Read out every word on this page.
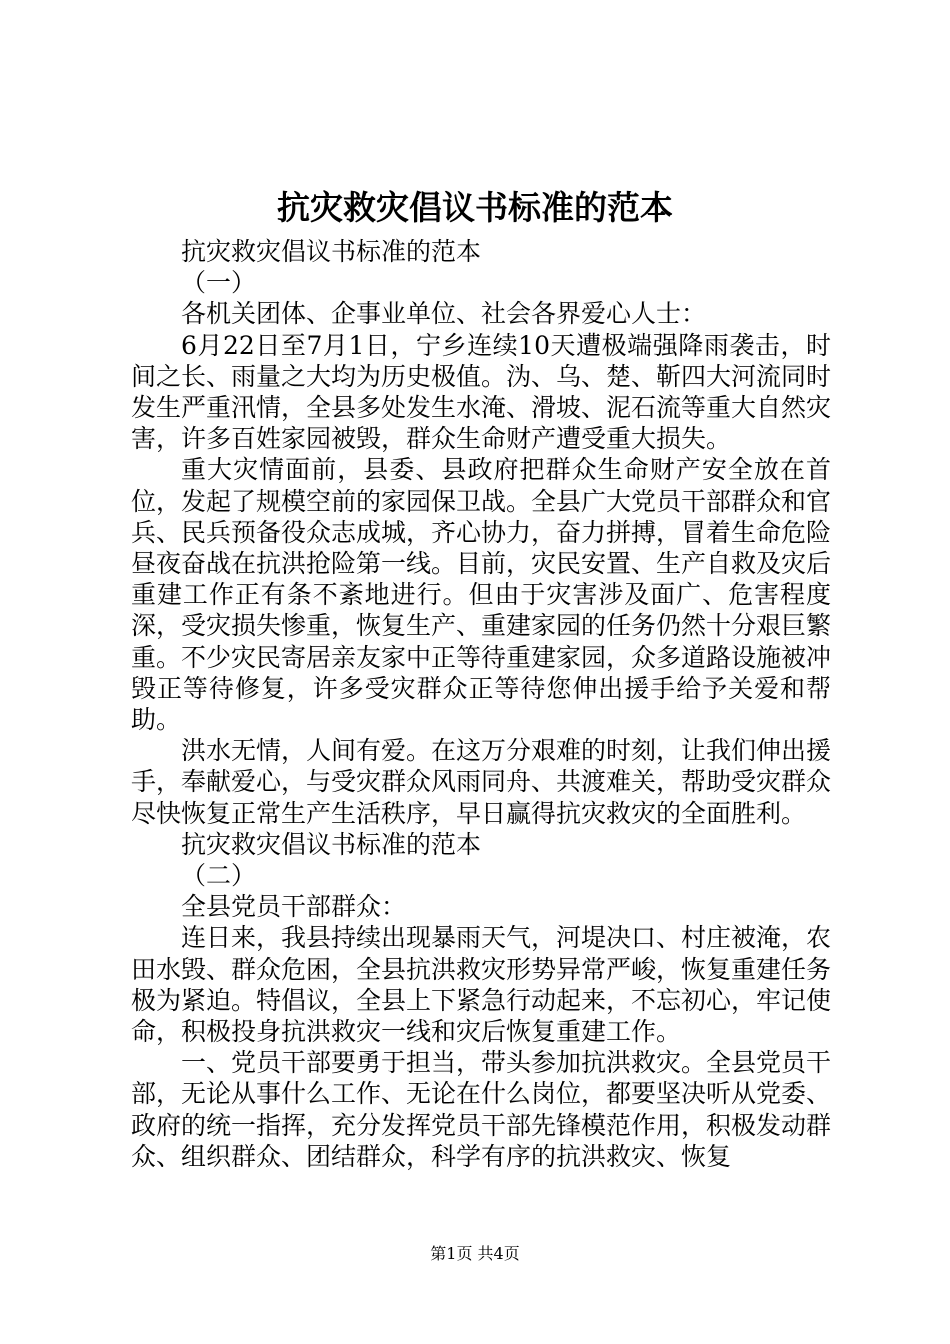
抗灾救灾倡议书标准的范本

抗灾救灾倡议书标准的范本

（一）

各机关团体、企事业单位、社会各界爱心人士：

6月22日至7月1日，宁乡连续10天遭极端强降雨袭击，时间之长、雨量之大均为历史极值。沩、乌、楚、靳四大河流同时发生严重汛情，全县多处发生水淹、滑坡、泥石流等重大自然灾害，许多百姓家园被毁，群众生命财产遭受重大损失。

重大灾情面前，县委、县政府把群众生命财产安全放在首位，发起了规模空前的家园保卫战。全县广大党员干部群众和官兵、民兵预备役众志成城，齐心协力，奋力拼搏，冒着生命危险昼夜奋战在抗洪抢险第一线。目前，灾民安置、生产自救及灾后重建工作正有条不紊地进行。但由于灾害涉及面广、危害程度深，受灾损失惨重，恢复生产、重建家园的任务仍然十分艰巨繁重。不少灾民寄居亲友家中正等待重建家园，众多道路设施被冲毁正等待修复，许多受灾群众正等待您伸出援手给予关爱和帮助。

洪水无情，人间有爱。在这万分艰难的时刻，让我们伸出援手，奉献爱心，与受灾群众风雨同舟、共渡难关，帮助受灾群众尽快恢复正常生产生活秩序，早日赢得抗灾救灾的全面胜利。

抗灾救灾倡议书标准的范本

（二）

全县党员干部群众：

连日来，我县持续出现暴雨天气，河堤决口、村庄被淹，农田水毁、群众危困，全县抗洪救灾形势异常严峻，恢复重建任务极为紧迫。特倡议，全县上下紧急行动起来，不忘初心，牢记使命，积极投身抗洪救灾一线和灾后恢复重建工作。

一、党员干部要勇于担当，带头参加抗洪救灾。全县党员干部，无论从事什么工作、无论在什么岗位，都要坚决听从党委、政府的统一指挥，充分发挥党员干部先锋模范作用，积极发动群众、组织群众、团结群众，科学有序的抗洪救灾、恢复

第1页 共4页
